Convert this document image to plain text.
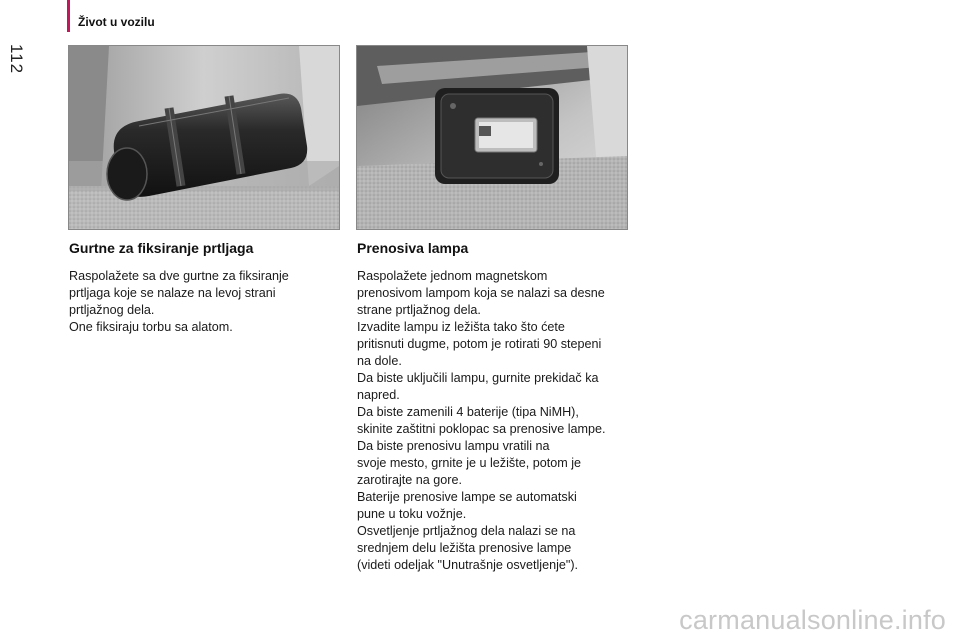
112
Život u vozilu
Gurtne za fiksiranje prtljaga
Raspolažete sa dve gurtne za fiksiranje
prtljaga koje se nalaze na levoj strani
prtljažnog dela.
One fiksiraju torbu sa alatom.
Prenosiva lampa
Raspolažete jednom magnetskom
prenosivom lampom koja se nalazi sa desne
strane prtljažnog dela.
Izvadite lampu iz ležišta tako što ćete
pritisnuti dugme, potom je rotirati 90 stepeni
na dole.
Da biste uključili lampu, gurnite prekidač ka
napred.
Da biste zamenili 4 baterije (tipa NiMH),
skinite zaštitni poklopac sa prenosive lampe.
Da biste prenosivu lampu vratili na
svoje mesto, grnite je u ležište, potom je
zarotirajte na gore.
Baterije prenosive lampe se automatski
pune u toku vožnje.
Osvetljenje prtljažnog dela nalazi se na
srednjem delu ležišta prenosive lampe
(videti odeljak "Unutrašnje osvetljenje").
carmanualsonline.info
